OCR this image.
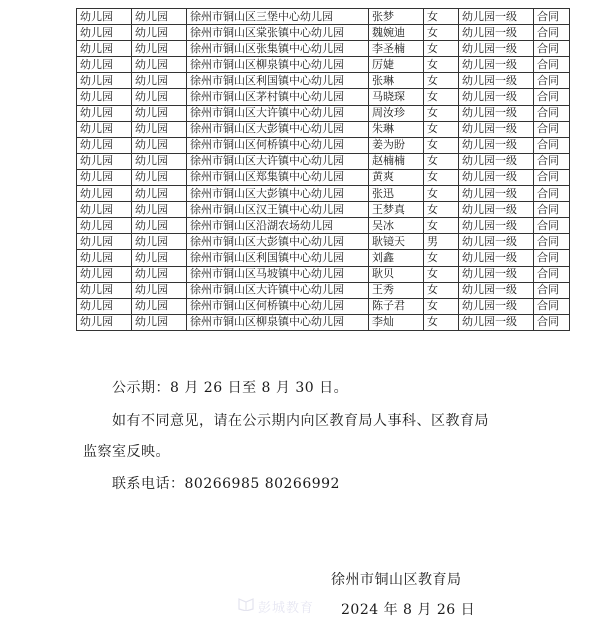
幼儿园	幼儿园	徐州市铜山区三堡中心幼儿园	张梦	女	幼儿园一级	合同
幼儿园	幼儿园	徐州市铜山区棠张镇中心幼儿园	魏婉迪	女	幼儿园一级	合同
幼儿园	幼儿园	徐州市铜山区张集镇中心幼儿园	李圣楠	女	幼儿园一级	合同
幼儿园	幼儿园	徐州市铜山区柳泉镇中心幼儿园	厉婕	女	幼儿园一级	合同
幼儿园	幼儿园	徐州市铜山区利国镇中心幼儿园	张琳	女	幼儿园一级	合同
幼儿园	幼儿园	徐州市铜山区茅村镇中心幼儿园	马晓琛	女	幼儿园一级	合同
幼儿园	幼儿园	徐州市铜山区大许镇中心幼儿园	周汝珍	女	幼儿园一级	合同
幼儿园	幼儿园	徐州市铜山区大彭镇中心幼儿园	朱琳	女	幼儿园一级	合同
幼儿园	幼儿园	徐州市铜山区何桥镇中心幼儿园	姜为盼	女	幼儿园一级	合同
幼儿园	幼儿园	徐州市铜山区大许镇中心幼儿园	赵楠楠	女	幼儿园一级	合同
幼儿园	幼儿园	徐州市铜山区郑集镇中心幼儿园	黄爽	女	幼儿园一级	合同
幼儿园	幼儿园	徐州市铜山区大彭镇中心幼儿园	张迅	女	幼儿园一级	合同
幼儿园	幼儿园	徐州市铜山区汉王镇中心幼儿园	王梦真	女	幼儿园一级	合同
幼儿园	幼儿园	徐州市铜山区沿湖农场幼儿园	吴冰	女	幼儿园一级	合同
幼儿园	幼儿园	徐州市铜山区大彭镇中心幼儿园	耿镜天	男	幼儿园一级	合同
幼儿园	幼儿园	徐州市铜山区利国镇中心幼儿园	刘鑫	女	幼儿园一级	合同
幼儿园	幼儿园	徐州市铜山区马坡镇中心幼儿园	耿贝	女	幼儿园一级	合同
幼儿园	幼儿园	徐州市铜山区大许镇中心幼儿园	王秀	女	幼儿园一级	合同
幼儿园	幼儿园	徐州市铜山区何桥镇中心幼儿园	陈子君	女	幼儿园一级	合同
幼儿园	幼儿园	徐州市铜山区柳泉镇中心幼儿园	李灿	女	幼儿园一级	合同
公示期：8 月 26 日至 8 月 30 日。
如有不同意见，请在公示期内向区教育局人事科、区教育局
监察室反映。
联系电话：80266985 80266992
徐州市铜山区教育局
2024 年 8 月 26 日
彭城教育
